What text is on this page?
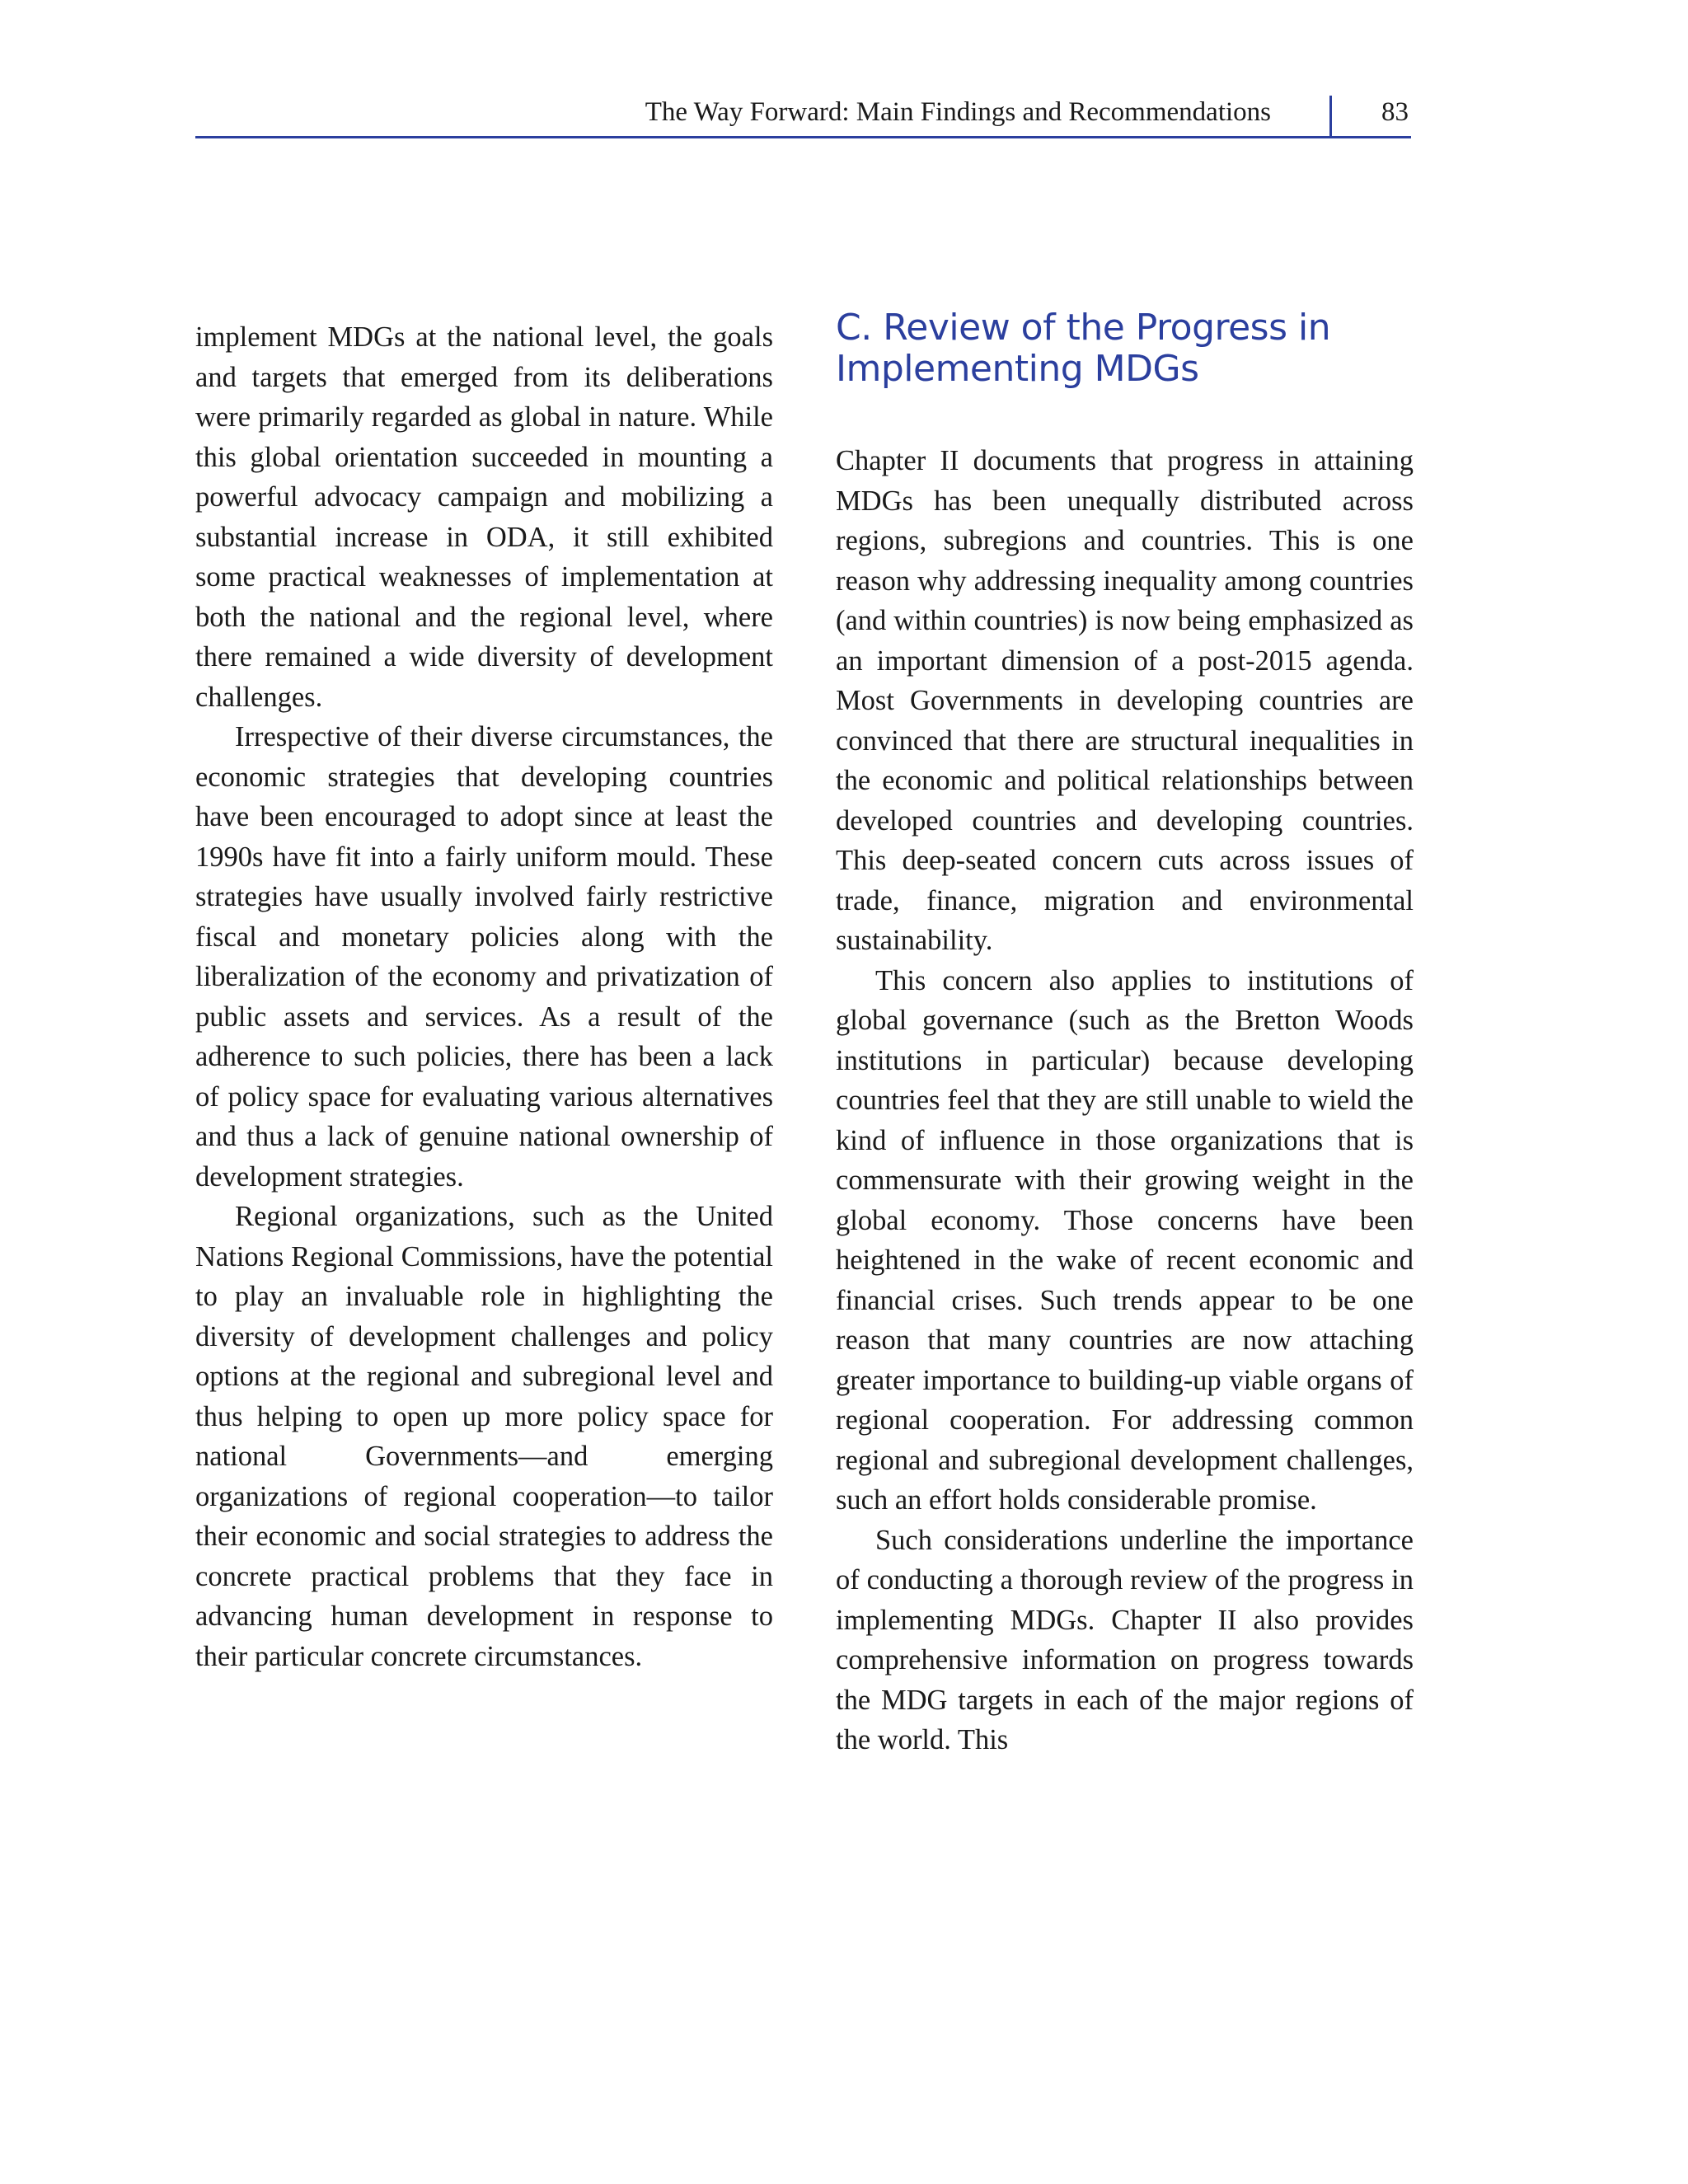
The Way Forward: Main Findings and Recommendations	83

implement MDGs at the national level, the goals and targets that emerged from its deliberations were primarily regarded as global in nature. While this global orientation succeeded in mounting a powerful advocacy campaign and mobilizing a substantial increase in ODA, it still exhibited some practical weaknesses of implementation at both the national and the regional level, where there remained a wide diversity of development challenges.

Irrespective of their diverse circumstances, the economic strategies that developing countries have been encouraged to adopt since at least the 1990s have fit into a fairly uniform mould. These strategies have usually involved fairly restrictive fiscal and monetary policies along with the liberalization of the economy and privatization of public assets and services. As a result of the adherence to such policies, there has been a lack of policy space for evaluating various alternatives and thus a lack of genuine national ownership of development strategies.

Regional organizations, such as the United Nations Regional Commissions, have the potential to play an invaluable role in highlighting the diversity of development challenges and policy options at the regional and subregional level and thus helping to open up more policy space for national Governments—and emerging organizations of regional cooperation—to tailor their economic and social strategies to address the concrete practical problems that they face in advancing human development in response to their particular concrete circumstances.

C. Review of the Progress in Implementing MDGs

Chapter II documents that progress in attaining MDGs has been unequally distributed across regions, subregions and countries. This is one reason why addressing inequality among countries (and within countries) is now being emphasized as an important dimension of a post-2015 agenda. Most Governments in developing countries are convinced that there are structural inequalities in the economic and political relationships between developed countries and developing countries. This deep-seated concern cuts across issues of trade, finance, migration and environmental sustainability.

This concern also applies to institutions of global governance (such as the Bretton Woods institutions in particular) because developing countries feel that they are still unable to wield the kind of influence in those organizations that is commensurate with their growing weight in the global economy. Those concerns have been heightened in the wake of recent economic and financial crises. Such trends appear to be one reason that many countries are now attaching greater importance to building-up viable organs of regional cooperation. For addressing common regional and subregional development challenges, such an effort holds considerable promise.

Such considerations underline the importance of conducting a thorough review of the progress in implementing MDGs. Chapter II also provides comprehensive information on progress towards the MDG targets in each of the major regions of the world. This
